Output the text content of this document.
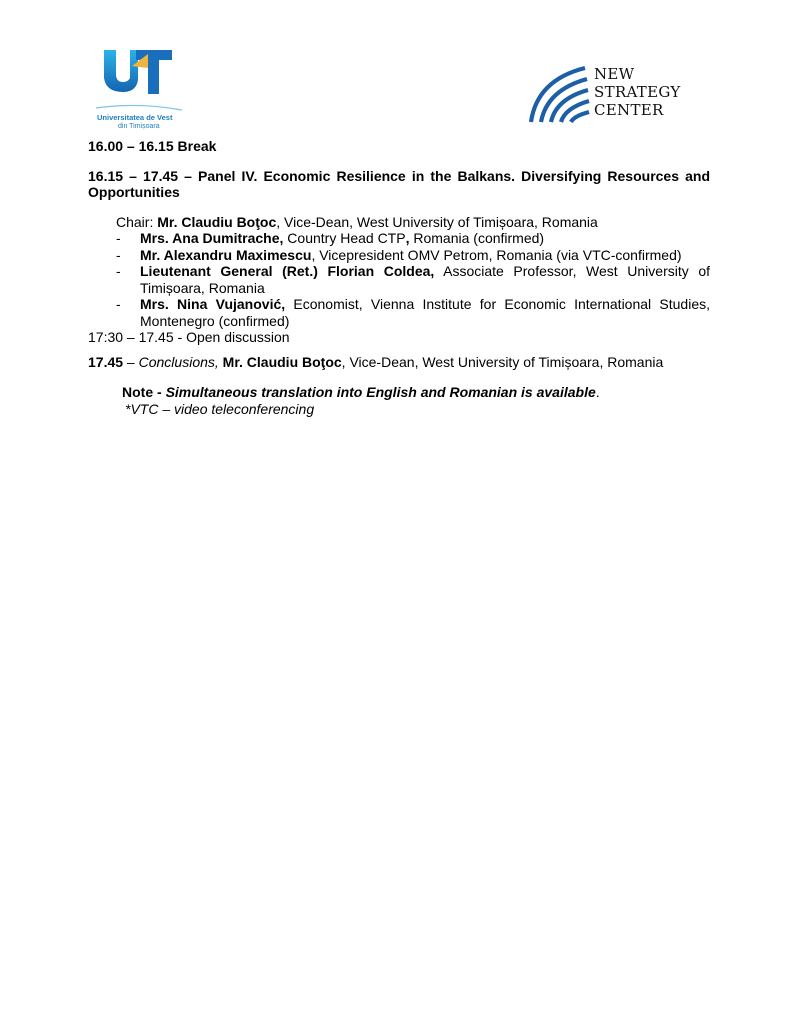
Universitatea de Vest
din Timișoara
NEW
STRATEGY
CENTER

16.00 – 16.15 Break

16.15 – 17.45 – Panel IV. Economic Resilience in the Balkans. Diversifying Resources and Opportunities

Chair: Mr. Claudiu Boţoc, Vice-Dean, West University of Timișoara, Romania
- Mrs. Ana Dumitrache, Country Head CTP, Romania (confirmed)
- Mr. Alexandru Maximescu, Vicepresident OMV Petrom, Romania (via VTC-confirmed)
- Lieutenant General (Ret.) Florian Coldea, Associate Professor, West University of Timișoara, Romania
- Mrs. Nina Vujanović, Economist, Vienna Institute for Economic International Studies, Montenegro (confirmed)

17:30 – 17.45 - Open discussion

17.45 – Conclusions, Mr. Claudiu Boţoc, Vice-Dean, West University of Timișoara, Romania

Note - Simultaneous translation into English and Romanian is available.

*VTC – video teleconferencing
